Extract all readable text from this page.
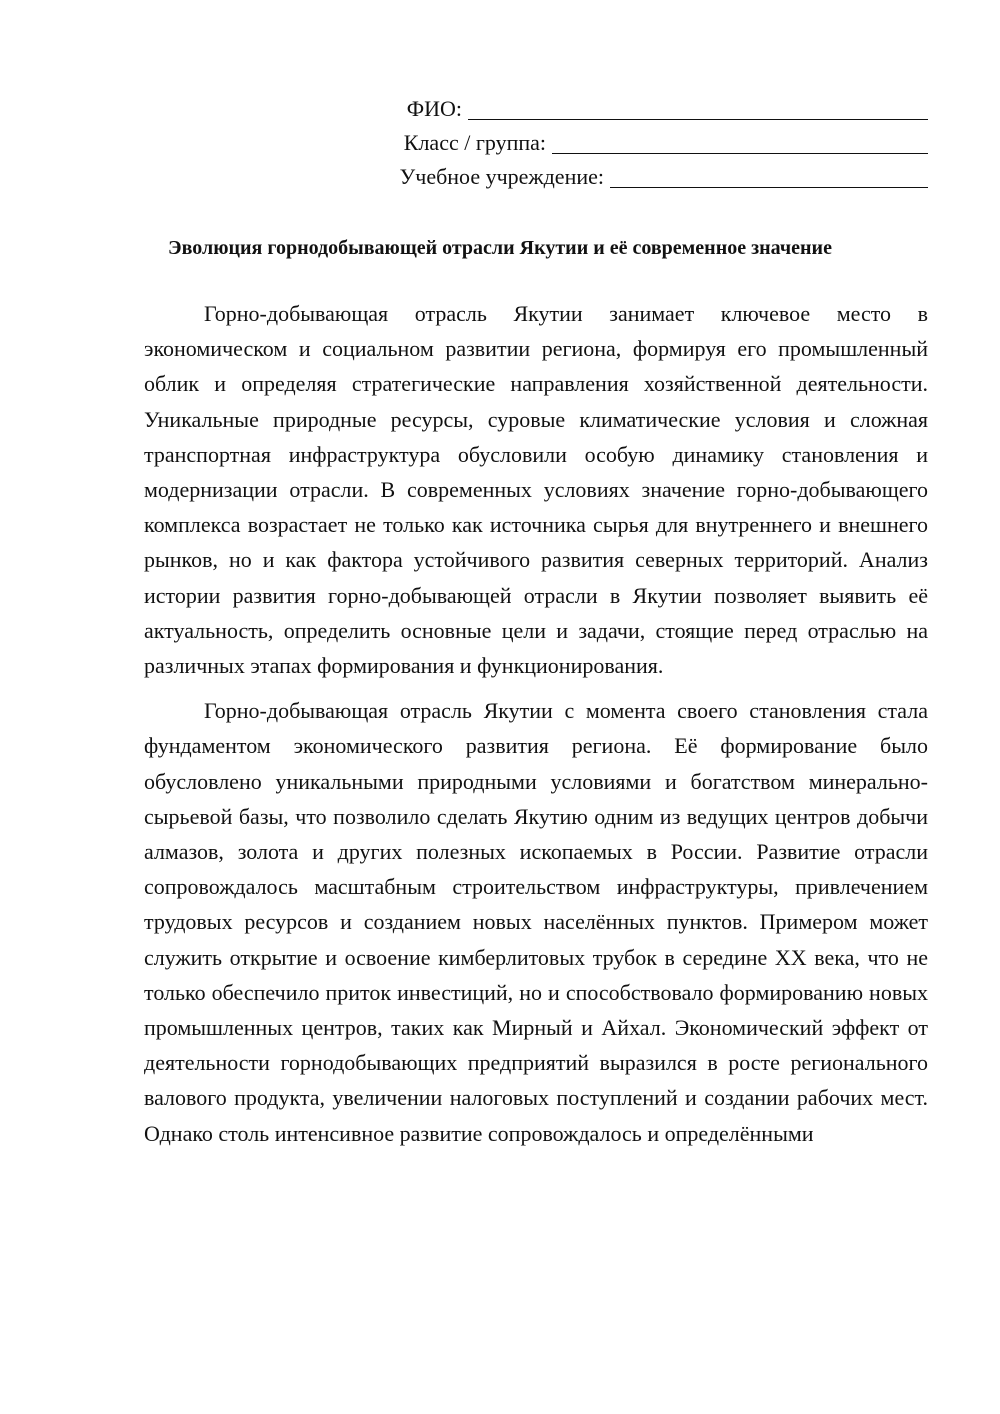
ФИО:
Класс / группа:
Учебное учреждение:
Эволюция горнодобывающей отрасли Якутии и её современное значение

Горно-добывающая отрасль Якутии занимает ключевое место в экономическом и социальном развитии региона, формируя его промышленный облик и определяя стратегические направления хозяйственной деятельности. Уникальные природные ресурсы, суровые климатические условия и сложная транспортная инфраструктура обусловили особую динамику становления и модернизации отрасли. В современных условиях значение горно-добывающего комплекса возрастает не только как источника сырья для внутреннего и внешнего рынков, но и как фактора устойчивого развития северных территорий. Анализ истории развития горно-добывающей отрасли в Якутии позволяет выявить её актуальность, определить основные цели и задачи, стоящие перед отраслью на различных этапах формирования и функционирования.

Горно-добывающая отрасль Якутии с момента своего становления стала фундаментом экономического развития региона. Её формирование было обусловлено уникальными природными условиями и богатством минерально-сырьевой базы, что позволило сделать Якутию одним из ведущих центров добычи алмазов, золота и других полезных ископаемых в России. Развитие отрасли сопровождалось масштабным строительством инфраструктуры, привлечением трудовых ресурсов и созданием новых населённых пунктов. Примером может служить открытие и освоение кимберлитовых трубок в середине XX века, что не только обеспечило приток инвестиций, но и способствовало формированию новых промышленных центров, таких как Мирный и Айхал. Экономический эффект от деятельности горнодобывающих предприятий выразился в росте регионального валового продукта, увеличении налоговых поступлений и создании рабочих мест. Однако столь интенсивное развитие сопровождалось и определёнными
